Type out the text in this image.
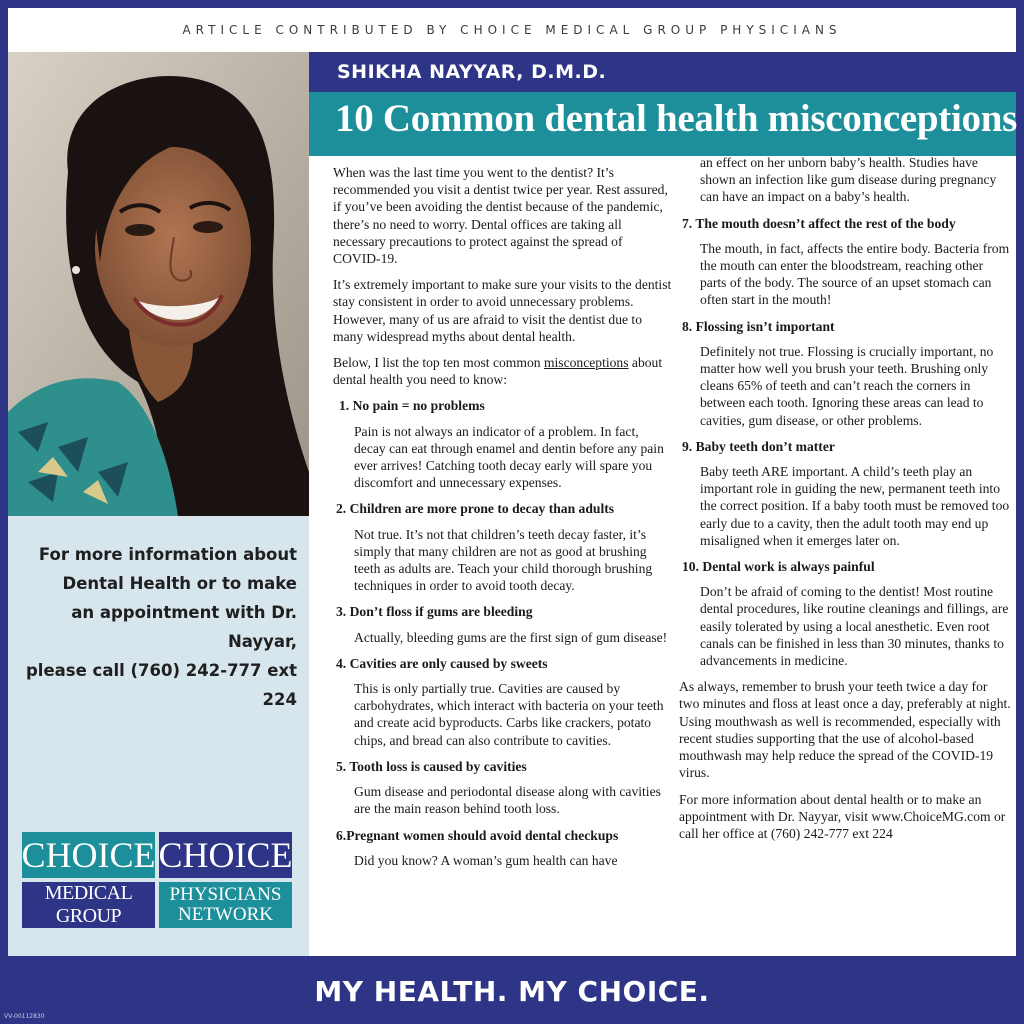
ARTICLE CONTRIBUTED BY CHOICE MEDICAL GROUP PHYSICIANS
For more information about
Dental Health or to make
an appointment with Dr. Nayyar,
please call (760) 242-777 ext 224
CHOICE CHOICE
MEDICAL GROUP
PHYSICIANS
NETWORK
SHIKHA NAYYAR, D.M.D.
10 Common dental health misconceptions

When was the last time you went to the dentist? It’s recommended you visit a dentist twice per year. Rest assured, if you’ve been avoiding the dentist because of the pandemic, there’s no need to worry. Dental offices are taking all necessary precautions to protect against the spread of COVID-19.

It’s extremely important to make sure your visits to the dentist stay consistent in order to avoid unnecessary problems. However, many of us are afraid to visit the dentist due to many widespread myths about dental health.

Below, I list the top ten most common misconceptions about dental health you need to know:

1. No pain = no problems

Pain is not always an indicator of a problem. In fact, decay can eat through enamel and dentin before any pain ever arrives! Catching tooth decay early will spare you discomfort and unnecessary expenses.

2. Children are more prone to decay than adults

Not true. It’s not that children’s teeth decay faster, it’s simply that many children are not as good at brushing teeth as adults are. Teach your child thorough brushing techniques in order to avoid tooth decay.

3. Don’t floss if gums are bleeding

Actually, bleeding gums are the first sign of gum disease!

4. Cavities are only caused by sweets

This is only partially true. Cavities are caused by carbohydrates, which interact with bacteria on your teeth and create acid byproducts. Carbs like crackers, potato chips, and bread can also contribute to cavities.

5. Tooth loss is caused by cavities

Gum disease and periodontal disease along with cavities are the main reason behind tooth loss.

6.Pregnant women should avoid dental checkups

Did you know? A woman’s gum health can have

an effect on her unborn baby’s health. Studies have shown an infection like gum disease during pregnancy can have an impact on a baby’s health.

7. The mouth doesn’t affect the rest of the body

The mouth, in fact, affects the entire body. Bacteria from the mouth can enter the bloodstream, reaching other parts of the body. The source of an upset stomach can often start in the mouth!

8. Flossing isn’t important

Definitely not true. Flossing is crucially important, no matter how well you brush your teeth. Brushing only cleans 65% of teeth and can’t reach the corners in between each tooth. Ignoring these areas can lead to cavities, gum disease, or other problems.

9. Baby teeth don’t matter

Baby teeth ARE important. A child’s teeth play an important role in guiding the new, permanent teeth into the correct position. If a baby tooth must be removed too early due to a cavity, then the adult tooth may end up misaligned when it emerges later on.

10. Dental work is always painful

Don’t be afraid of coming to the dentist! Most routine dental procedures, like routine cleanings and fillings, are easily tolerated by using a local anesthetic. Even root canals can be finished in less than 30 minutes, thanks to advancements in medicine.

As always, remember to brush your teeth twice a day for two minutes and floss at least once a day, preferably at night. Using mouthwash as well is recommended, especially with recent studies supporting that the use of alcohol-based mouthwash may help reduce the spread of the COVID-19 virus.

For more information about dental health or to make an appointment with Dr. Nayyar, visit www.ChoiceMG.com or call her office at (760) 242-777 ext 224

MY HEALTH. MY CHOICE.
VV-00112830
